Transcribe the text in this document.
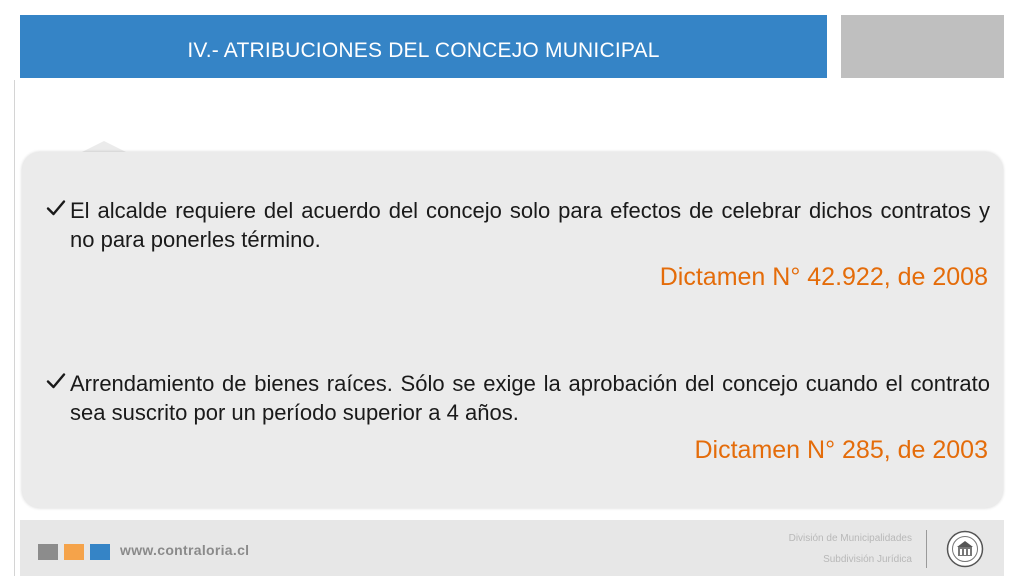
IV.- ATRIBUCIONES DEL CONCEJO MUNICIPAL
El alcalde requiere del acuerdo del concejo solo para efectos de celebrar dichos contratos y no para ponerles término.
Dictamen N° 42.922, de 2008
Arrendamiento de bienes raíces. Sólo se exige la aprobación del concejo cuando el contrato sea suscrito por un período superior a 4 años.
Dictamen N° 285, de 2003
www.contraloria.cl
División de Municipalidades
Subdivisión Jurídica
